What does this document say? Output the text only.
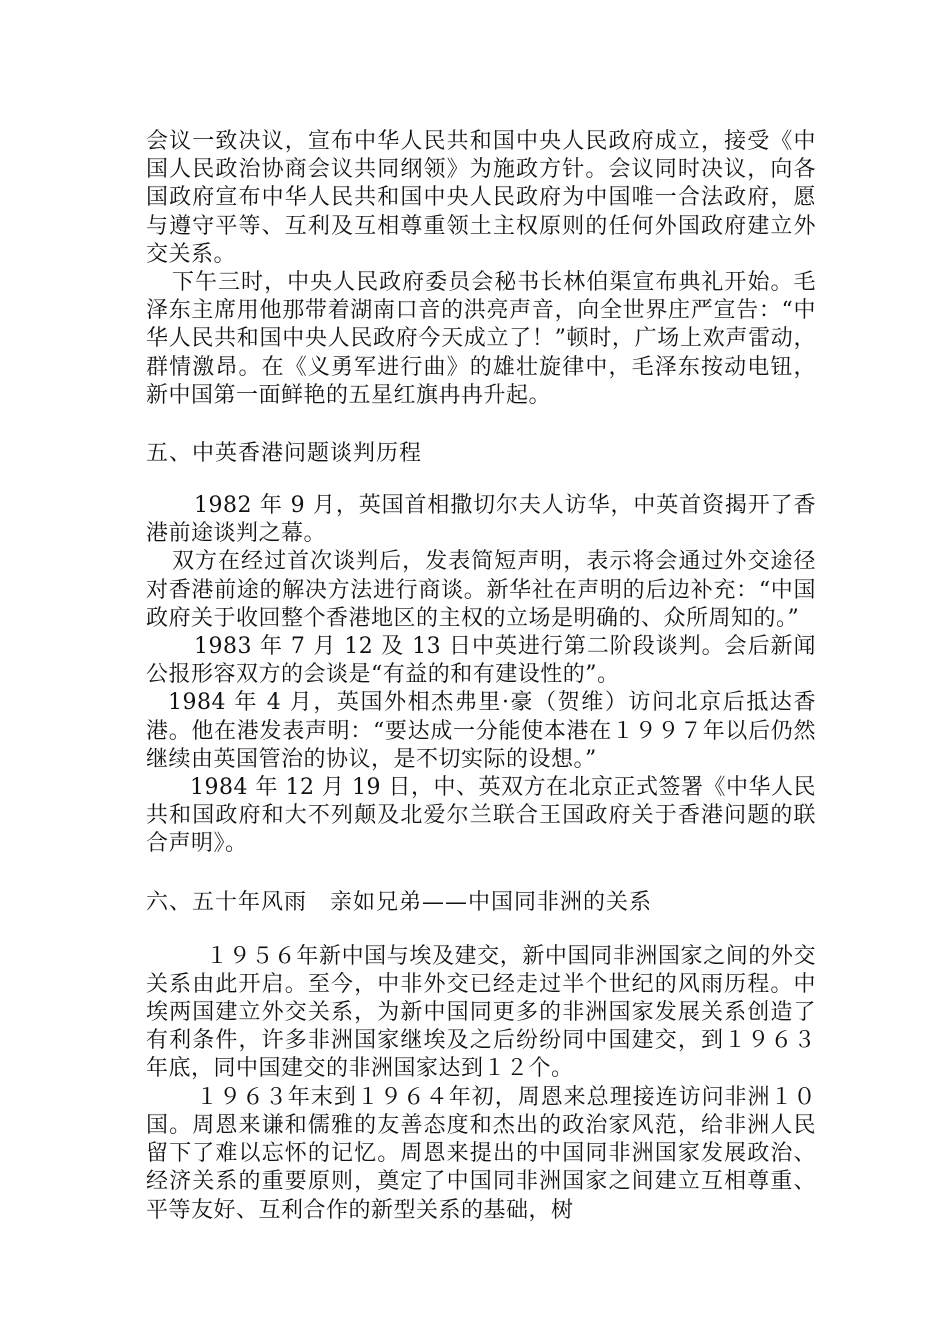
会议一致决议，宣布中华人民共和国中央人民政府成立，接受《中国人民政治协商会议共同纲领》为施政方针。会议同时决议，向各国政府宣布中华人民共和国中央人民政府为中国唯一合法政府，愿与遵守平等、互利及互相尊重领土主权原则的任何外国政府建立外交关系。

下午三时，中央人民政府委员会秘书长林伯渠宣布典礼开始。毛泽东主席用他那带着湖南口音的洪亮声音，向全世界庄严宣告：“中华人民共和国中央人民政府今天成立了！”顿时，广场上欢声雷动，群情激昂。在《义勇军进行曲》的雄壮旋律中，毛泽东按动电钮，新中国第一面鲜艳的五星红旗冉冉升起。

五、中英香港问题谈判历程

1982 年 9 月，英国首相撒切尔夫人访华，中英首资揭开了香港前途谈判之幕。

双方在经过首次谈判后，发表简短声明，表示将会通过外交途径对香港前途的解决方法进行商谈。新华社在声明的后边补充：“中国政府关于收回整个香港地区的主权的立场是明确的、众所周知的。”

1983 年 7 月 12 及 13 日中英进行第二阶段谈判。会后新闻公报形容双方的会谈是“有益的和有建设性的”。

1984 年 4 月，英国外相杰弗里·豪（贺维）访问北京后抵达香港。他在港发表声明：“要达成一分能使本港在１９９７年以后仍然继续由英国管治的协议，是不切实际的设想。”

1984 年 12 月 19 日，中、英双方在北京正式签署《中华人民共和国政府和大不列颠及北爱尔兰联合王国政府关于香港问题的联合声明》。

六、五十年风雨　亲如兄弟——中国同非洲的关系

１９５６年新中国与埃及建交，新中国同非洲国家之间的外交关系由此开启。至今，中非外交已经走过半个世纪的风雨历程。中埃两国建立外交关系，为新中国同更多的非洲国家发展关系创造了有利条件，许多非洲国家继埃及之后纷纷同中国建交，到１９６３年底，同中国建交的非洲国家达到１２个。

１９６３年末到１９６４年初，周恩来总理接连访问非洲１０国。周恩来谦和儒雅的友善态度和杰出的政治家风范，给非洲人民留下了难以忘怀的记忆。周恩来提出的中国同非洲国家发展政治、经济关系的重要原则，奠定了中国同非洲国家之间建立互相尊重、平等友好、互利合作的新型关系的基础，树
